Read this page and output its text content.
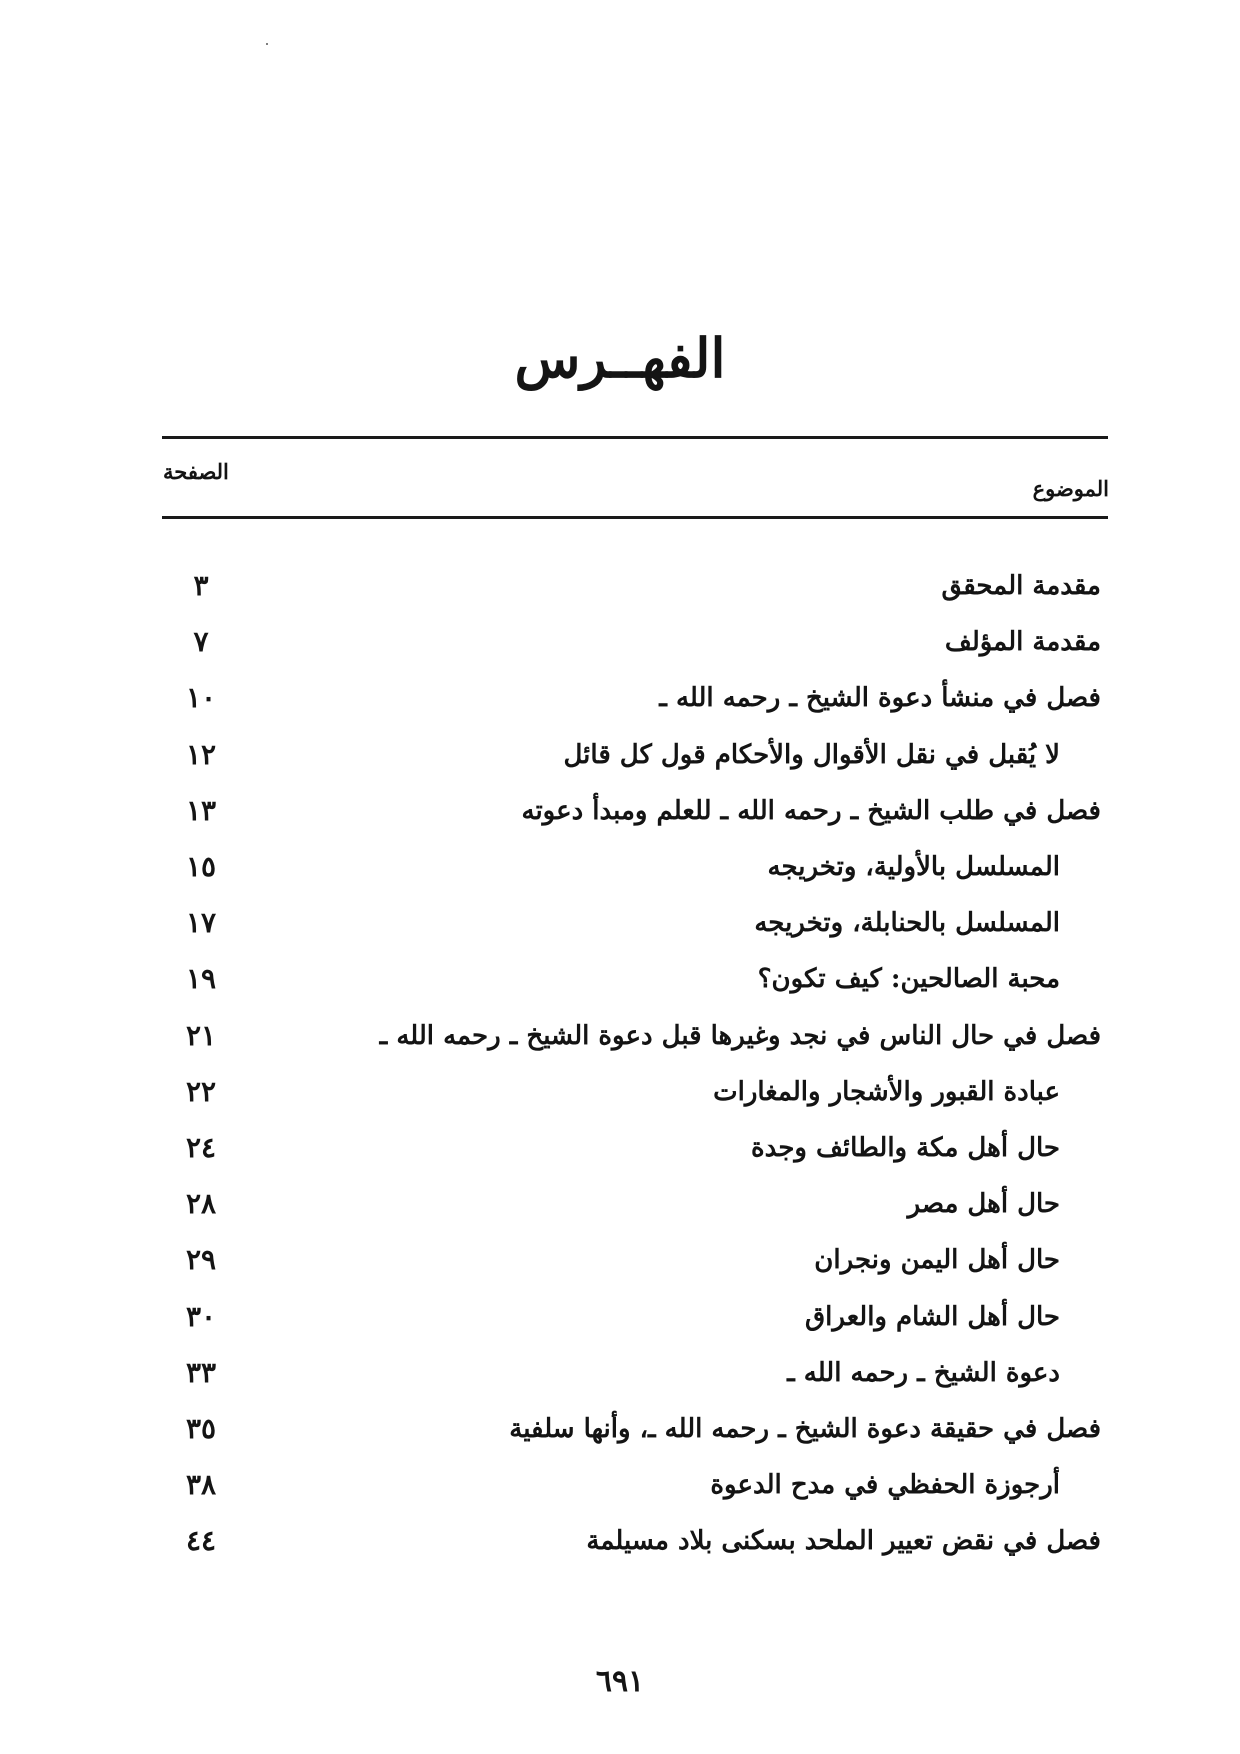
الفهــرس
الصفحة
الموضوع
مقدمة المحقق
٣
مقدمة المؤلف
٧
فصل في منشأ دعوة الشيخ ـ رحمه الله ـ
١٠
لا يُقبل في نقل الأقوال والأحكام قول كل قائل
١٢
فصل في طلب الشيخ ـ رحمه الله ـ للعلم ومبدأ دعوته
١٣
المسلسل بالأولية، وتخريجه
١٥
المسلسل بالحنابلة، وتخريجه
١٧
محبة الصالحين: كيف تكون؟
١٩
فصل في حال الناس في نجد وغيرها قبل دعوة الشيخ ـ رحمه الله ـ
٢١
عبادة القبور والأشجار والمغارات
٢٢
حال أهل مكة والطائف وجدة
٢٤
حال أهل مصر
٢٨
حال أهل اليمن ونجران
٢٩
حال أهل الشام والعراق
٣٠
دعوة الشيخ ـ رحمه الله ـ
٣٣
فصل في حقيقة دعوة الشيخ ـ رحمه الله ـ، وأنها سلفية
٣٥
أرجوزة الحفظي في مدح الدعوة
٣٨
فصل في نقض تعيير الملحد بسكنى بلاد مسيلمة
٤٤
٦٩١
